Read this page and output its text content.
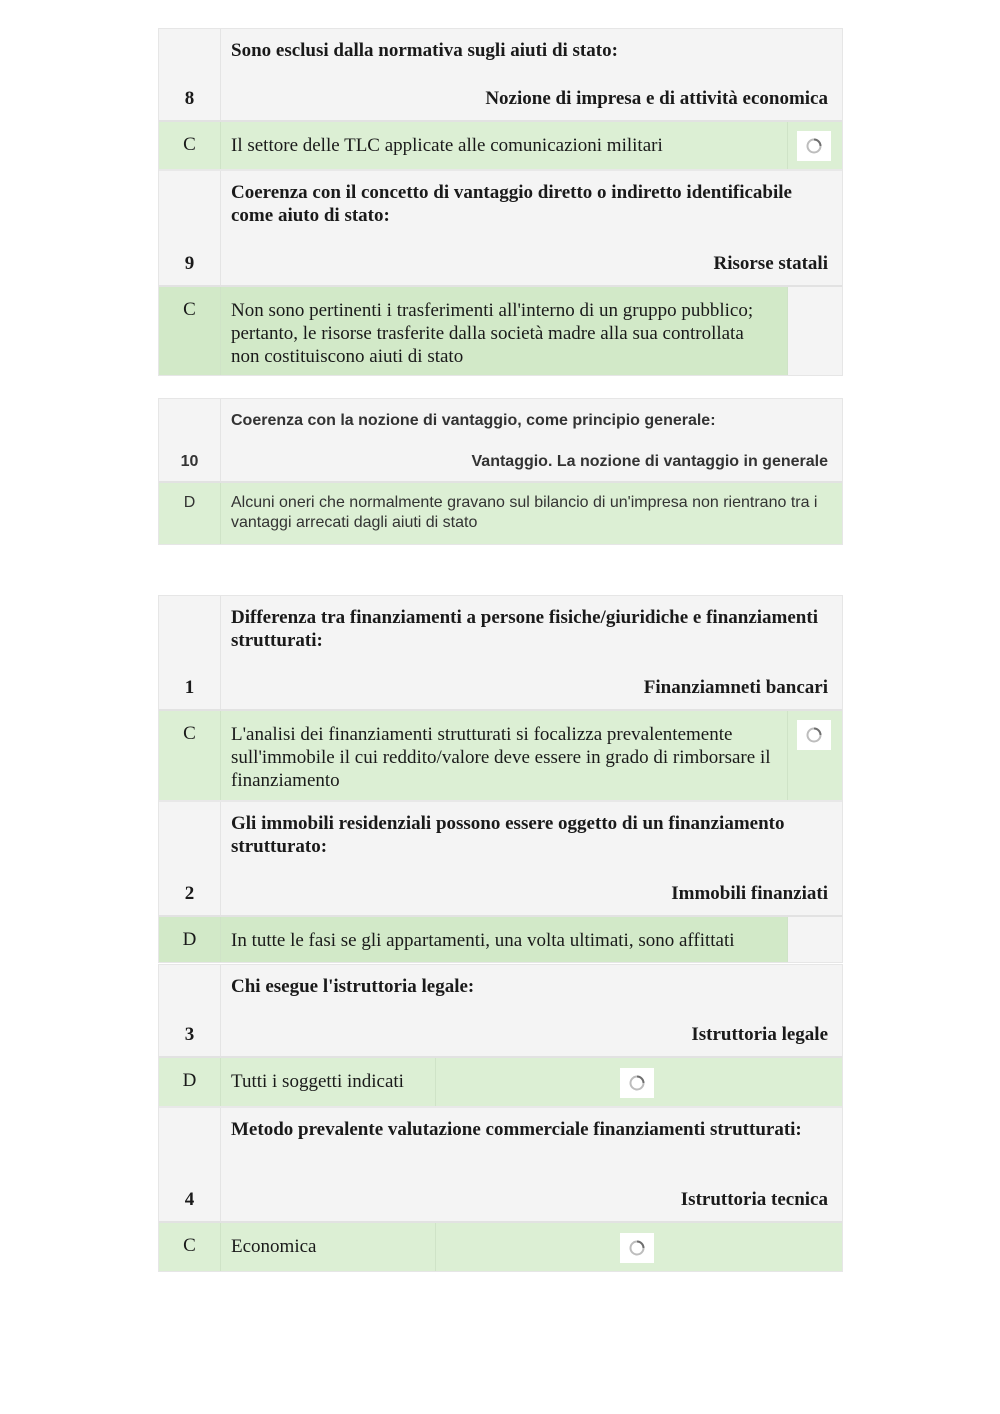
8

Sono esclusi dalla normativa sugli aiuti di stato:

Nozione di impresa e di attività economica
C	Il settore delle TLC applicate alle comunicazioni militari
9

Coerenza con il concetto di vantaggio diretto o indiretto identificabile come aiuto di stato:

Risorse statali
C	Non sono pertinenti i trasferimenti all'interno di un gruppo pubblico; pertanto, le risorse trasferite dalla società madre alla sua controllata non costituiscono aiuti di stato
10

Coerenza con la nozione di vantaggio, come principio generale:

Vantaggio. La nozione di vantaggio in generale
D	Alcuni oneri che normalmente gravano sul bilancio di un'impresa non rientrano tra i vantaggi arrecati dagli aiuti di stato
1

Differenza tra finanziamenti a persone fisiche/giuridiche e finanziamenti strutturati:

Finanziamneti bancari
C	L'analisi dei finanziamenti strutturati si focalizza prevalentemente sull'immobile il cui reddito/valore deve essere in grado di rimborsare il finanziamento
2

Gli immobili residenziali possono essere oggetto di un finanziamento strutturato:

Immobili finanziati
D	In tutte le fasi se gli appartamenti, una volta ultimati, sono affittati
3

Chi esegue l'istruttoria legale:

Istruttoria legale
D	Tutti i soggetti indicati
4

Metodo prevalente valutazione commerciale finanziamenti strutturati:

Istruttoria tecnica
C	Economica
